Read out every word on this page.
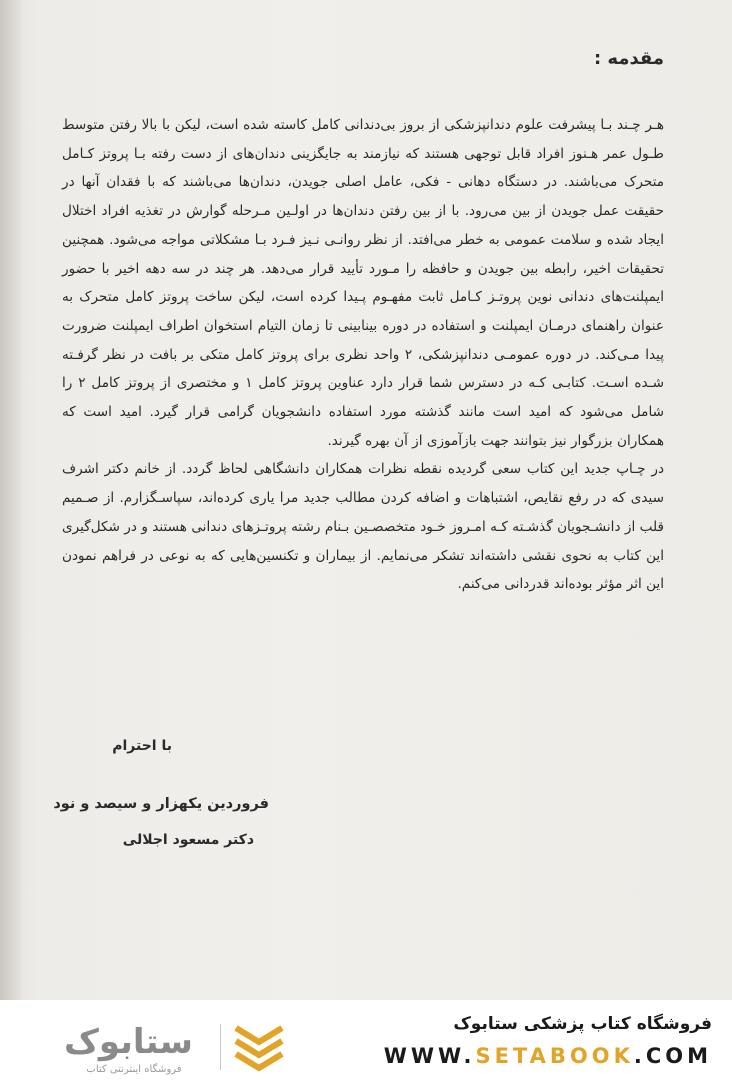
مقدمه :

هـر چـند بـا پیشرفت علوم دندانپزشکی از بروز بی‌دندانی کامل کاسته شده است، لیکن با بالا رفتن متوسط طـول عمر هـنوز افراد قابل توجهی هستند که نیازمند به جایگزینی دندان‌های از دست رفته بـا پروتز کـامل متحرک می‌باشند. در دستگاه دهانی - فکی، عامل اصلی جویدن، دندان‌ها می‌باشند که با فقدان آنها در حقیقت عمل جویدن از بین می‌رود. با از بین رفتن دندان‌ها در اولـین مـرحله گوارش در تغذیه افراد اختلال ایجاد شده و سلامت عمومی به خطر می‌افتد. از نظر روانـی نـیز فـرد بـا مشکلاتی مواجه می‌شود. همچنین تحقیقات اخیر، رابطه بین جویدن و حافظه را مـورد تأیید قرار می‌دهد. هر چند در سه دهه اخیر با حضور ایمپلنت‌های دندانی نوین پروتـز کـامل ثابت مفهـوم پـیدا کرده است، لیکن ساخت پروتز کامل متحرک به عنوان راهنمای درمـان ایمپلنت و استفاده در دوره بینابینی تا زمان التیام استخوان اطراف ایمپلنت ضرورت پیدا مـی‌کند. در دوره عمومـی دندانپزشکی، ۲ واحد نظری برای پروتز کامل متکی بر بافت در نظر گرفـته شـده اسـت. کتابـی کـه در دسترس شما قرار دارد عناوین پروتز کامل ۱ و مختصری از پروتز کامل ۲ را شامل می‌شود که امید است مانند گذشته مورد استفاده دانشجویان گرامی قرار گیرد. امید است که همکاران بزرگوار نیز بتوانند جهت بازآموزی از آن بهره گیرند.

در چـاپ جدید این کتاب سعی گردیده نقطه نظرات همکاران دانشگاهی لحاظ گردد. از خانم دکتر اشرف سیدی که در رفع نقایص، اشتباهات و اضافه کردن مطالب جدید مرا یاری کرده‌اند، سپاسـگزارم. از صـمیم قلب از دانشـجویان گذشـته کـه امـروز خـود متخصصـین بـنام رشته پروتـزهای دندانی هستند و در شکل‌گیری این کتاب به نحوی نقشی داشته‌اند تشکر می‌نمایم. از بیماران و تکنسین‌هایی که به نوعی در فراهم نمودن این اثر مؤثر بوده‌اند قدردانی می‌کنم.

با احترام

فروردین یکهزار و سیصد و نود

دکتر مسعود اجلالی

ستابوک
فروشگاه اینترنتی کتاب
فروشگاه کتاب پزشکی ستابوک
WWW.SETABOOK.COM
